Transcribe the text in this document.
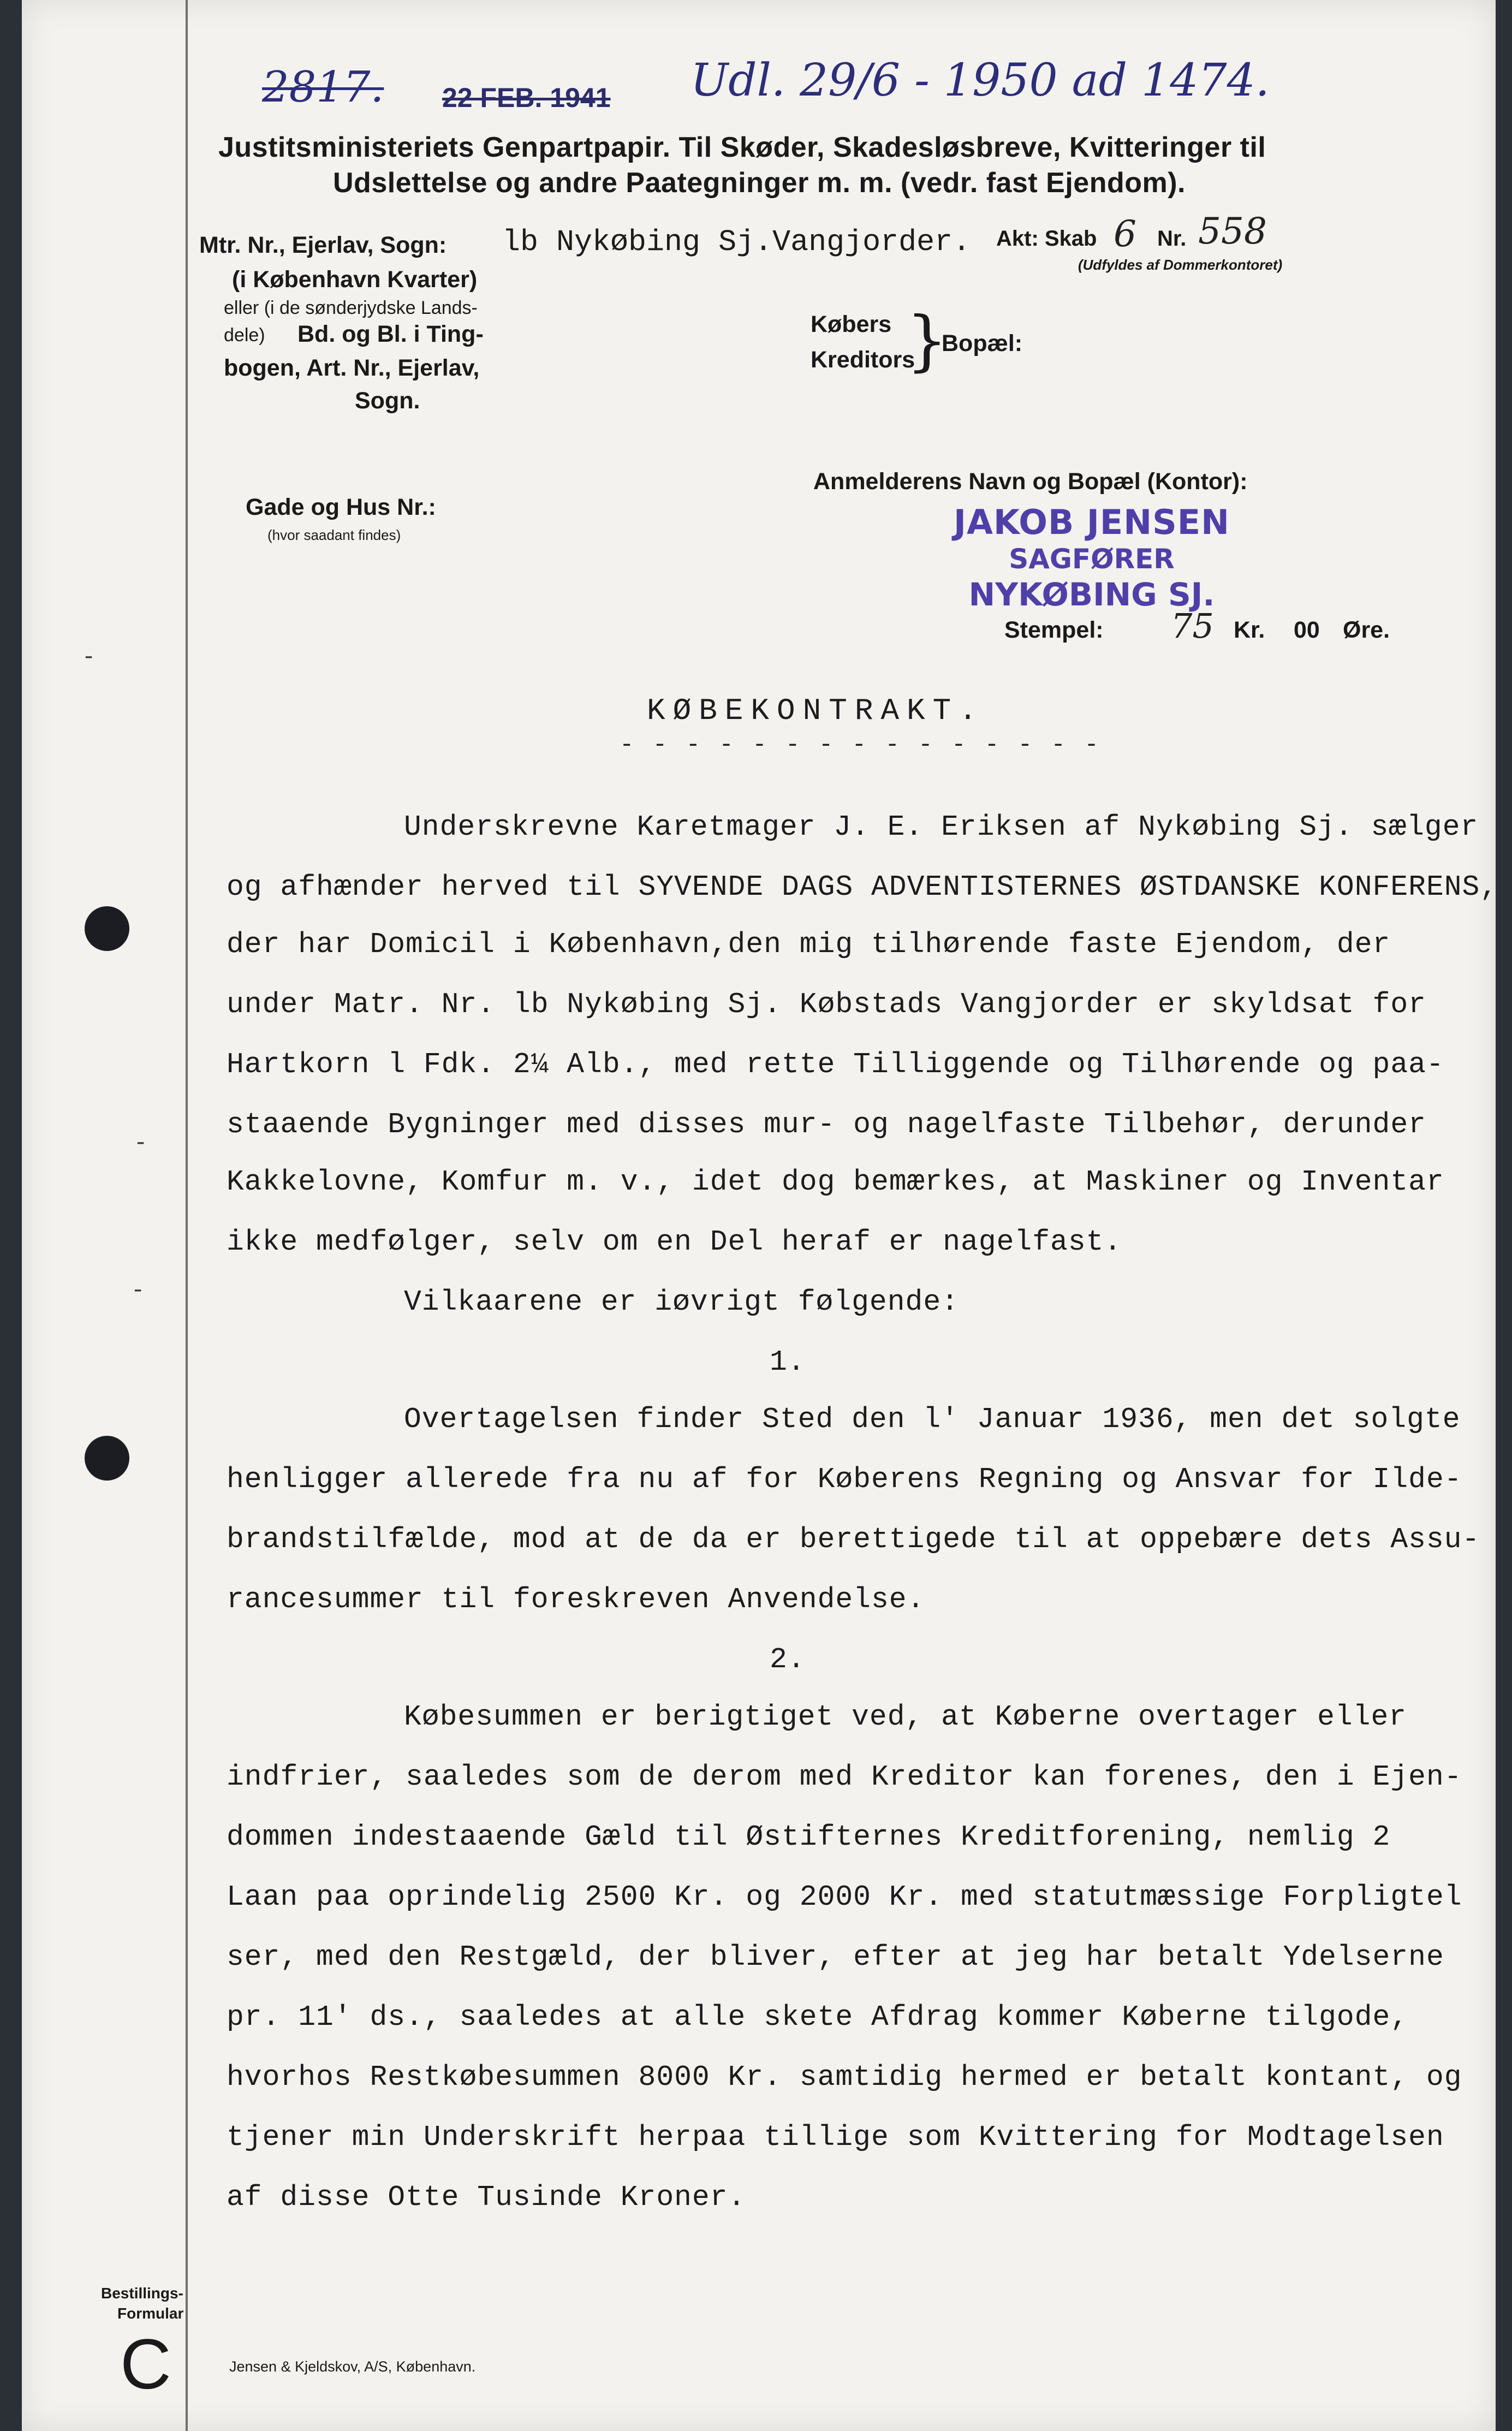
-
-
-
2817.	Udl. 29/6 - 1950 ad 1474.
22 FEB. 1941
Justitsministeriets Genpartpapir. Til Skøder, Skadesløsbreve, Kvitteringer til
Udslettelse og andre Paategninger m. m. (vedr. fast Ejendom).
Mtr. Nr., Ejerlav, Sogn: lb Nykøbing Sj.Vangjorder.
(i København Kvarter)
eller (i de sønderjydske Lands-
dele) Bd. og Bl. i Ting-
bogen, Art. Nr., Ejerlav,
Sogn.
Akt: Skab 6 Nr. 558
(Udfyldes af Dommerkontoret)
Købers
Kreditors
}
Bopæl:
Anmelderens Navn og Bopæl (Kontor):
Gade og Hus Nr.:
(hvor saadant findes)	JAKOB JENSEN
SAGFØRER
NYKØBING SJ.
Stempel: 75 Kr. 00 Øre.
KØBEKONTRAKT.
- - - - - - - - - - - - - - -
Underskrevne Karetmager J. E. Eriksen af Nykøbing Sj. sælger
og afhænder herved til SYVENDE DAGS ADVENTISTERNES ØSTDANSKE KONFERENS,
der har Domicil i København,den mig tilhørende faste Ejendom, der
under Matr. Nr. lb Nykøbing Sj. Købstads Vangjorder er skyldsat for
Hartkorn l Fdk. 2¼ Alb., med rette Tilliggende og Tilhørende og paa-
staaende Bygninger med disses mur- og nagelfaste Tilbehør, derunder
Kakkelovne, Komfur m. v., idet dog bemærkes, at Maskiner og Inventar
ikke medfølger, selv om en Del heraf er nagelfast.
Vilkaarene er iøvrigt følgende:
1.
Overtagelsen finder Sted den l' Januar 1936, men det solgte
henligger allerede fra nu af for Køberens Regning og Ansvar for Ilde-
brandstilfælde, mod at de da er berettigede til at oppebære dets Assu-
rancesummer til foreskreven Anvendelse.
2.
Købesummen er berigtiget ved, at Køberne overtager eller
indfrier, saaledes som de derom med Kreditor kan forenes, den i Ejen-
dommen indestaaende Gæld til Østifternes Kreditforening, nemlig 2
Laan paa oprindelig 2500 Kr. og 2000 Kr. med statutmæssige Forpligtel
ser, med den Restgæld, der bliver, efter at jeg har betalt Ydelserne
pr. 11' ds., saaledes at alle skete Afdrag kommer Køberne tilgode,
hvorhos Restkøbesummen 8000 Kr. samtidig hermed er betalt kontant, og
tjener min Underskrift herpaa tillige som Kvittering for Modtagelsen
af disse Otte Tusinde Kroner.
Bestillings-
Formular
C	Jensen & Kjeldskov, A/S, København.
